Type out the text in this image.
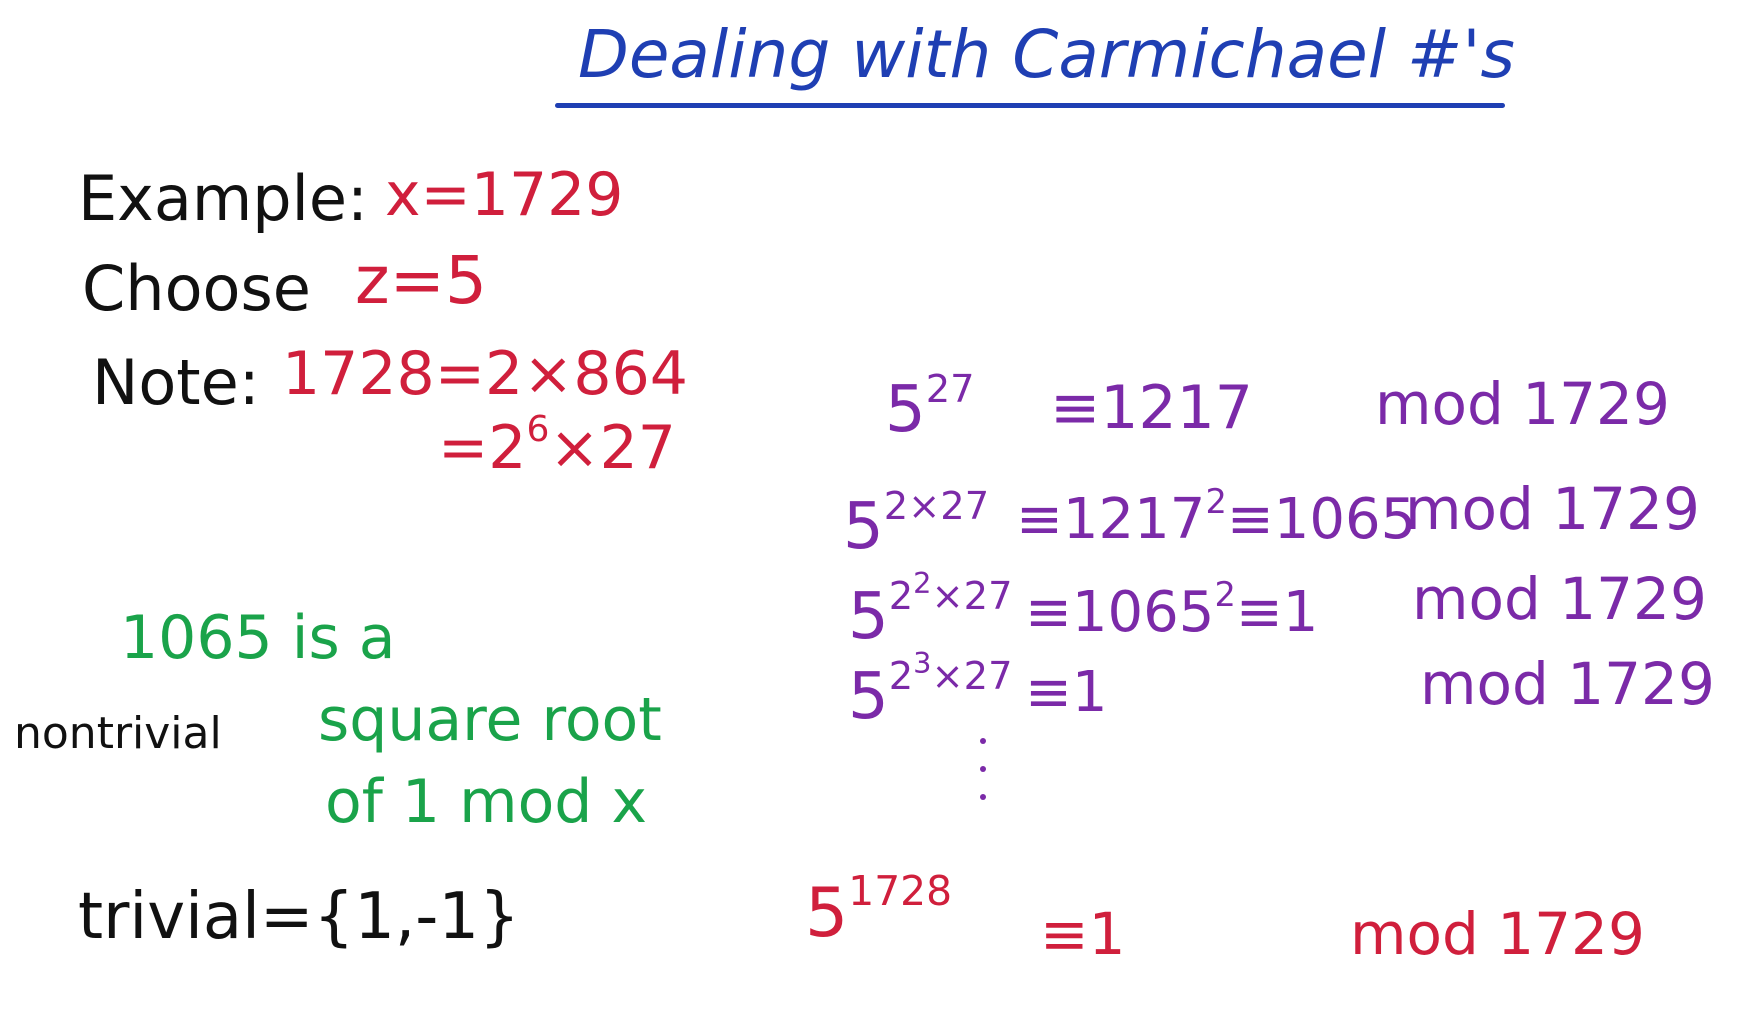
Dealing with Carmichael #'s
Example: x=1729
Choose z=5
Note: 1728=2×864
$=2^6\times 27$
1065 is a
nontrivial square root
of 1 mod x
trivial={1,-1}
$5^{27} \equiv 1217$ mod 1729
$5^{2\times 27} \equiv 1217^2\equiv 1065$
mod 1729
$5^{2^2\times 27} \equiv 1065^2\equiv 1$ mod 1729
$5^{2^3\times 27} \equiv 1$	mod 1729
$5^{1728}$
≡1	mod 1729
